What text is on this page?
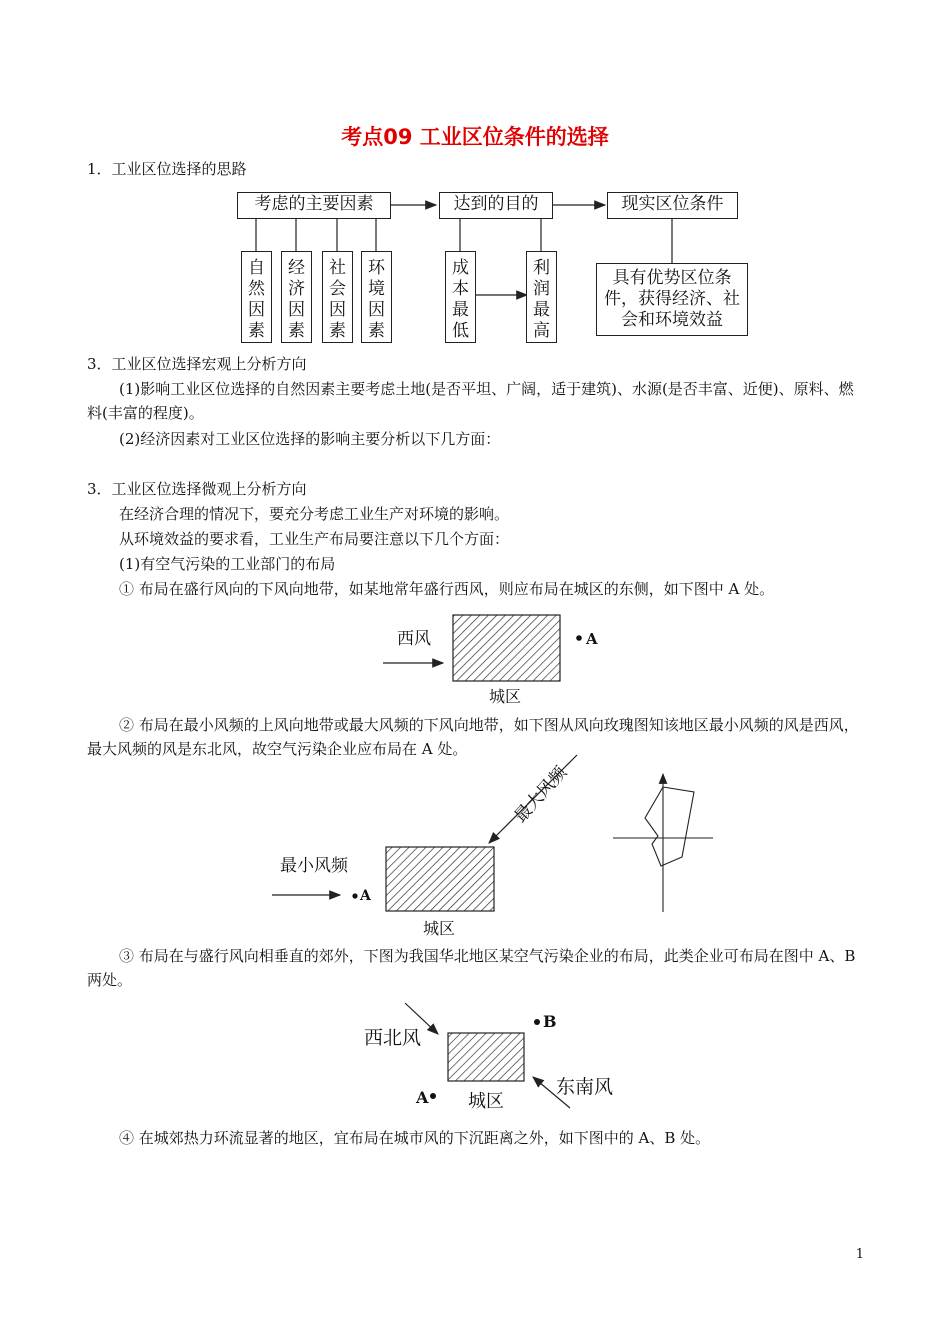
考点09 工业区位条件的选择
1．工业区位选择的思路
考虑的主要因素	达到的目的	现实区位条件
自
然
因
素
经
济
因
素
社
会
因
素
环
境
因
素
成
本
最
低
利
润
最
高
具有优势区位条件，获得经济、社会和环境效益
3．工业区位选择宏观上分析方向
(1)影响工业区位选择的自然因素主要考虑土地(是否平坦、广阔，适于建筑)、水源(是否丰富、近便)、原料、燃料(丰富的程度)。
(2)经济因素对工业区位选择的影响主要分析以下几方面：
3．工业区位选择微观上分析方向
在经济合理的情况下，要充分考虑工业生产对环境的影响。
从环境效益的要求看，工业生产布局要注意以下几个方面：
(1)有空气污染的工业部门的布局
① 布局在盛行风向的下风向地带，如某地常年盛行西风，则应布局在城区的东侧，如下图中 A 处。
西风	A
城区
② 布局在最小风频的上风向地带或最大风频的下风向地带，如下图从风向玫瑰图知该地区最小风频的风是西风，最大风频的风是东北风，故空气污染企业应布局在 A 处。
最小风频
A
城区
最大风频
③ 布局在与盛行风向相垂直的郊外，下图为我国华北地区某空气污染企业的布局，此类企业可布局在图中 A、B 两处。
西北风
B
东南风
A 城区
④ 在城郊热力环流显著的地区，宜布局在城市风的下沉距离之外，如下图中的 A、B 处。
1
